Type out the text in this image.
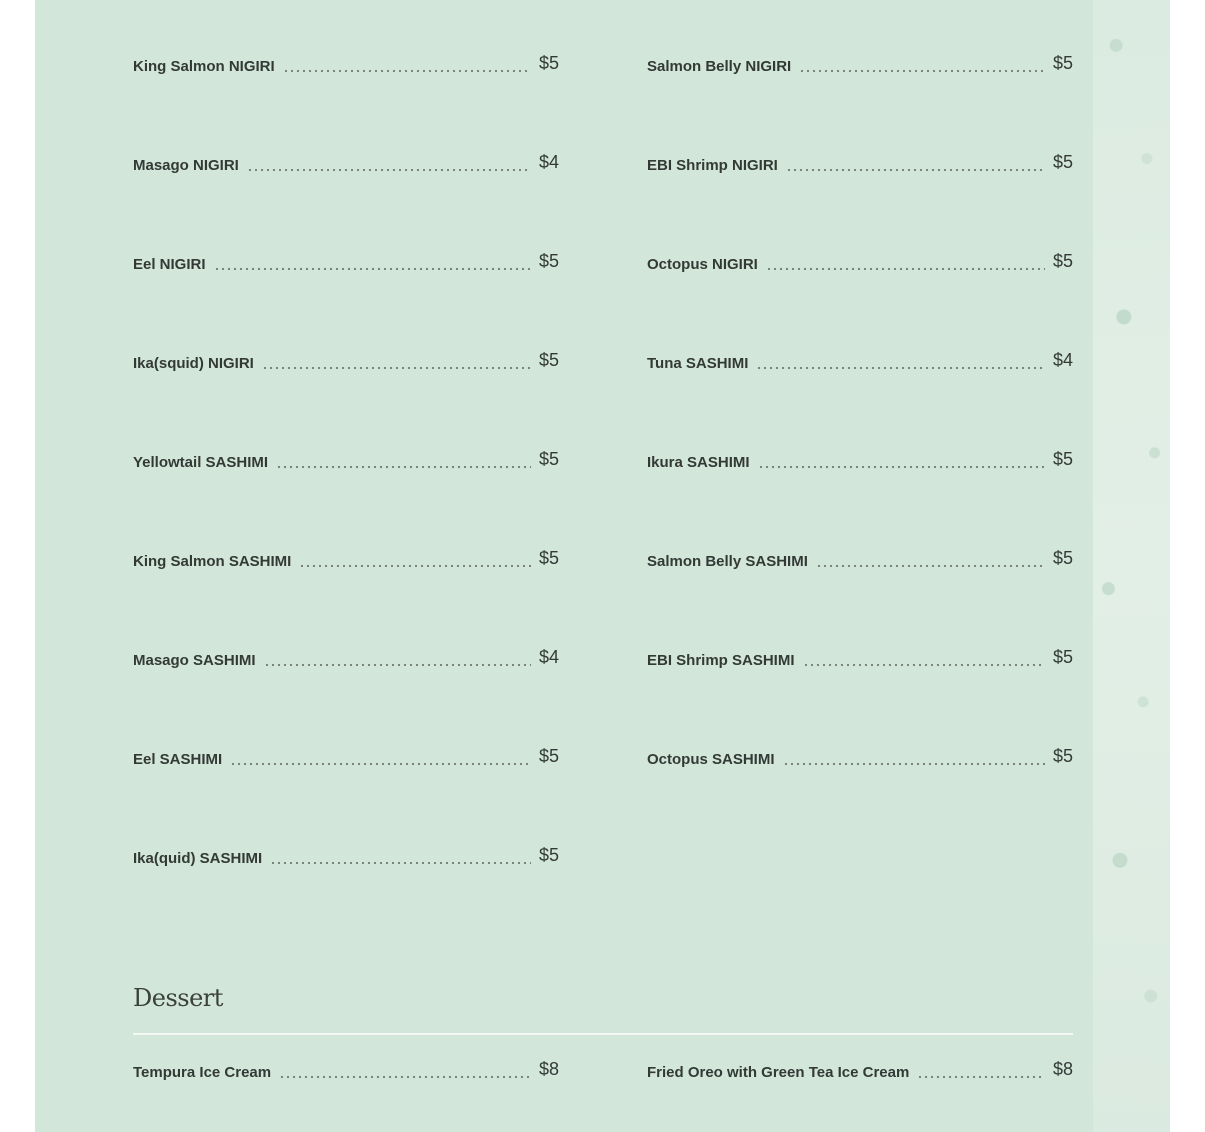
King Salmon NIGIRI	$5
Masago NIGIRI	$4
Eel NIGIRI	$5
Ika(squid) NIGIRI	$5
Yellowtail SASHIMI	$5
King Salmon SASHIMI	$5
Masago SASHIMI	$4
Eel SASHIMI	$5
Ika(quid) SASHIMI	$5
Salmon Belly NIGIRI	$5
EBI Shrimp NIGIRI	$5
Octopus NIGIRI	$5
Tuna SASHIMI	$4
Ikura SASHIMI	$5
Salmon Belly SASHIMI	$5
EBI Shrimp SASHIMI	$5
Octopus SASHIMI	$5
Dessert
Tempura Ice Cream	$8	Fried Oreo with Green Tea Ice Cream	$8
